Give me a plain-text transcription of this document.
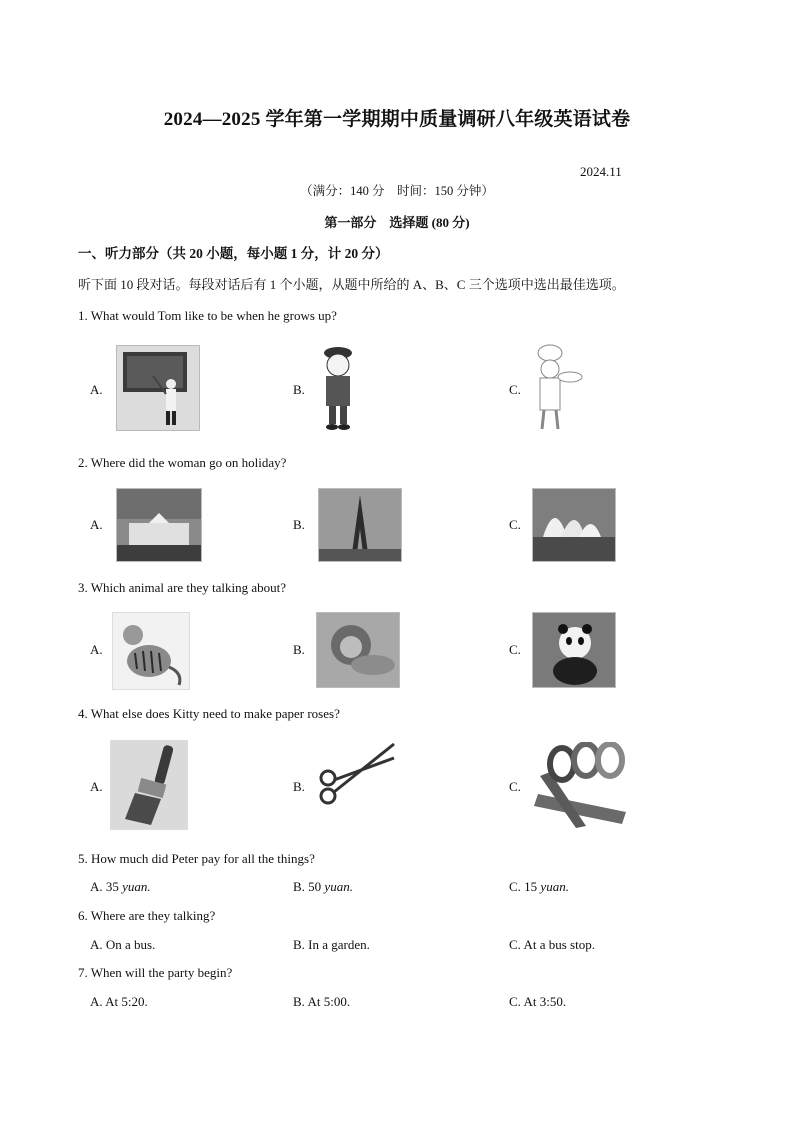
2024—2025 学年第一学期期中质量调研八年级英语试卷
2024.11
（满分：140 分　时间：150 分钟）
第一部分　选择题 (80 分)
一、听力部分（共 20 小题，每小题 1 分，计 20 分）
听下面 10 段对话。每段对话后有 1 个小题，从题中所给的 A、B、C 三个选项中选出最佳选项。
1. What would Tom like to be when he grows up?
A.	B.	C.
2. Where did the woman go on holiday?
A.	B.	C.
3. Which animal are they talking about?
A.	B.	C.
4. What else does Kitty need to make paper roses?
A.	B.	C.
5. How much did Peter pay for all the things?
A. 35 yuan.	B. 50 yuan.	C. 15 yuan.
6. Where are they talking?
A. On a bus.	B. In a garden.	C. At a bus stop.
7. When will the party begin?
A. At 5:20.	B. At 5:00.	C. At 3:50.
